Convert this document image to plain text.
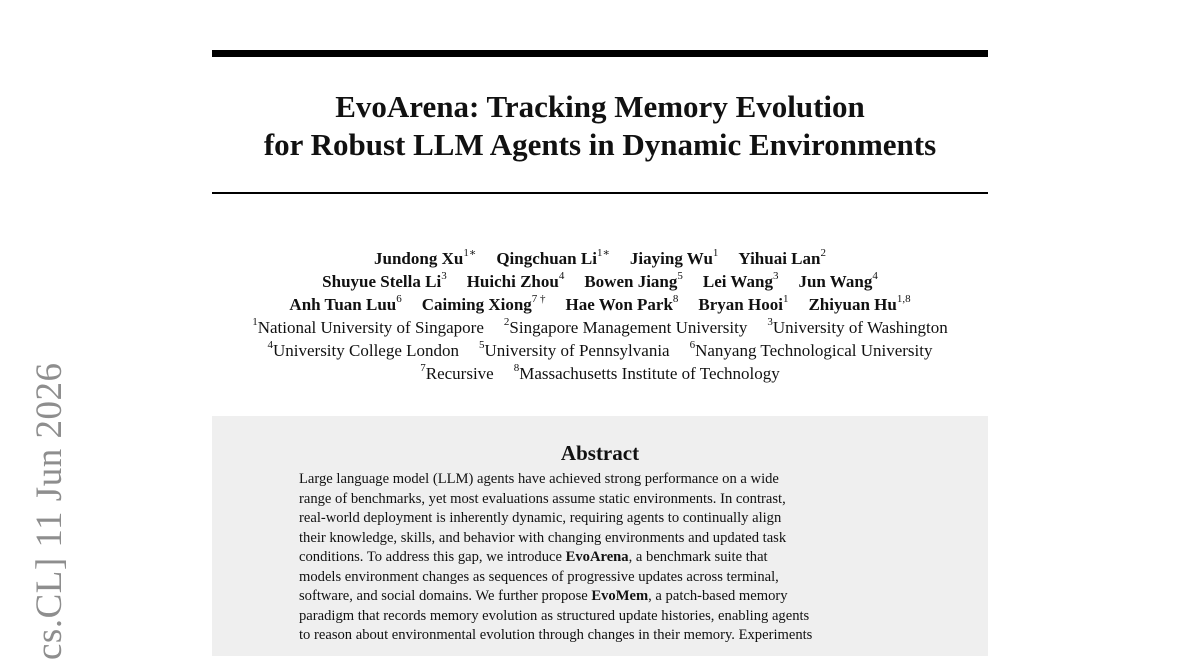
EvoArena: Tracking Memory Evolution
for Robust LLM Agents in Dynamic Environments
Jundong $Xu^{1∗}$ Qingchuan $Li^{1∗}$ Jiaying Wu$^1$ Yihuai Lan$^2$
Shuyue Stella Li$^3$ Huichi Zhou$^4$ Bowen Jiang$^5$ Lei Wang$^3$ Jun Wang$^4$
Anh Tuan Luu$^6$ Caiming Xiong$^{7 \dagger}$ Hae Won Park$^8$ Bryan Hooi$^1$ Zhiyuan Hu$^{1,8}$
$^1$National University of Singapore $^2$Singapore Management University $^3$University of Washington
$^4$University College London $^5$University of Pennsylvania $^6$Nanyang Technological University
$^7$Recursive $^8$Massachusetts Institute of Technology
cs.CL] 11 Jun 2026	Abstract
Large language model (LLM) agents have achieved strong performance on a wide
range of benchmarks, yet most evaluations assume static environments. In contrast,
real-world deployment is inherently dynamic, requiring agents to continually align
their knowledge, skills, and behavior with changing environments and updated task
conditions. To address this gap, we introduce EvoArena, a benchmark suite that
models environment changes as sequences of progressive updates across terminal,
software, and social domains. We further propose EvoMem, a patch-based memory
paradigm that records memory evolution as structured update histories, enabling agents
to reason about environmental evolution through changes in their memory. Experiments
